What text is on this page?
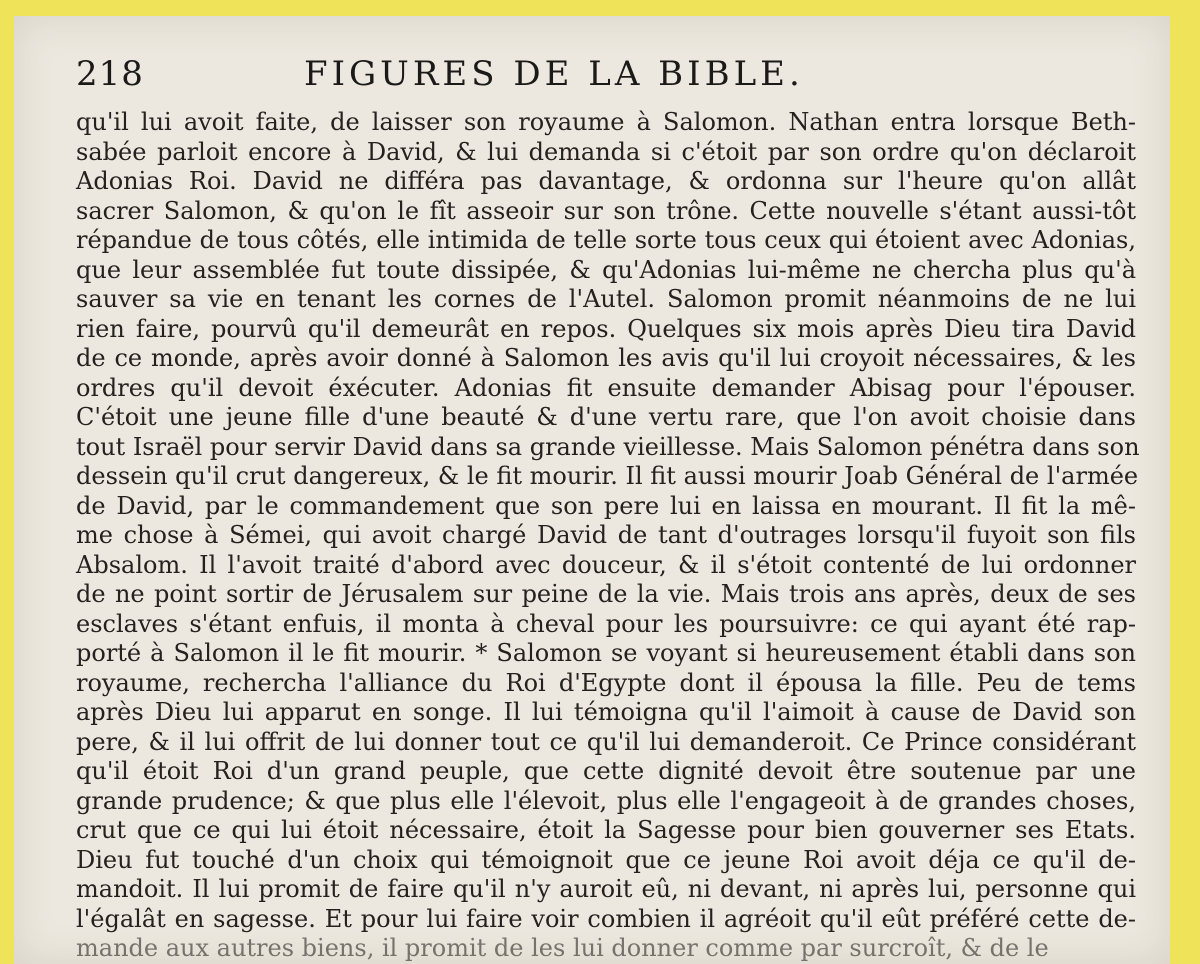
218	FIGURES DE LA BIBLE.
qu'il lui avoit faite, de laisser son royaume à Salomon. Nathan entra lorsque Beth-
sabée parloit encore à David, & lui demanda si c'étoit par son ordre qu'on déclaroit
Adonias Roi. David ne différa pas davantage, & ordonna sur l'heure qu'on allât
sacrer Salomon, & qu'on le fît asseoir sur son trône. Cette nouvelle s'étant aussi-tôt
répandue de tous côtés, elle intimida de telle sorte tous ceux qui étoient avec Adonias,
que leur assemblée fut toute dissipée, & qu'Adonias lui-même ne chercha plus qu'à
sauver sa vie en tenant les cornes de l'Autel. Salomon promit néanmoins de ne lui
rien faire, pourvû qu'il demeurât en repos. Quelques six mois après Dieu tira David
de ce monde, après avoir donné à Salomon les avis qu'il lui croyoit nécessaires, & les
ordres qu'il devoit éxécuter. Adonias fit ensuite demander Abisag pour l'épouser.
C'étoit une jeune fille d'une beauté & d'une vertu rare, que l'on avoit choisie dans
tout Israël pour servir David dans sa grande vieillesse. Mais Salomon pénétra dans son
dessein qu'il crut dangereux, & le fit mourir. Il fit aussi mourir Joab Général de l'armée
de David, par le commandement que son pere lui en laissa en mourant. Il fit la mê-
me chose à Sémei, qui avoit chargé David de tant d'outrages lorsqu'il fuyoit son fils
Absalom. Il l'avoit traité d'abord avec douceur, & il s'étoit contenté de lui ordonner
de ne point sortir de Jérusalem sur peine de la vie. Mais trois ans après, deux de ses
esclaves s'étant enfuis, il monta à cheval pour les poursuivre: ce qui ayant été rap-
porté à Salomon il le fit mourir. * Salomon se voyant si heureusement établi dans son
royaume, rechercha l'alliance du Roi d'Egypte dont il épousa la fille. Peu de tems
après Dieu lui apparut en songe. Il lui témoigna qu'il l'aimoit à cause de David son
pere, & il lui offrit de lui donner tout ce qu'il lui demanderoit. Ce Prince considérant
qu'il étoit Roi d'un grand peuple, que cette dignité devoit être soutenue par une
grande prudence; & que plus elle l'élevoit, plus elle l'engageoit à de grandes choses,
crut que ce qui lui étoit nécessaire, étoit la Sagesse pour bien gouverner ses Etats.
Dieu fut touché d'un choix qui témoignoit que ce jeune Roi avoit déja ce qu'il de-
mandoit. Il lui promit de faire qu'il n'y auroit eû, ni devant, ni après lui, personne qui
l'égalât en sagesse. Et pour lui faire voir combien il agréoit qu'il eût préféré cette de-
mande aux autres biens, il promit de les lui donner comme par surcroît, & de le
